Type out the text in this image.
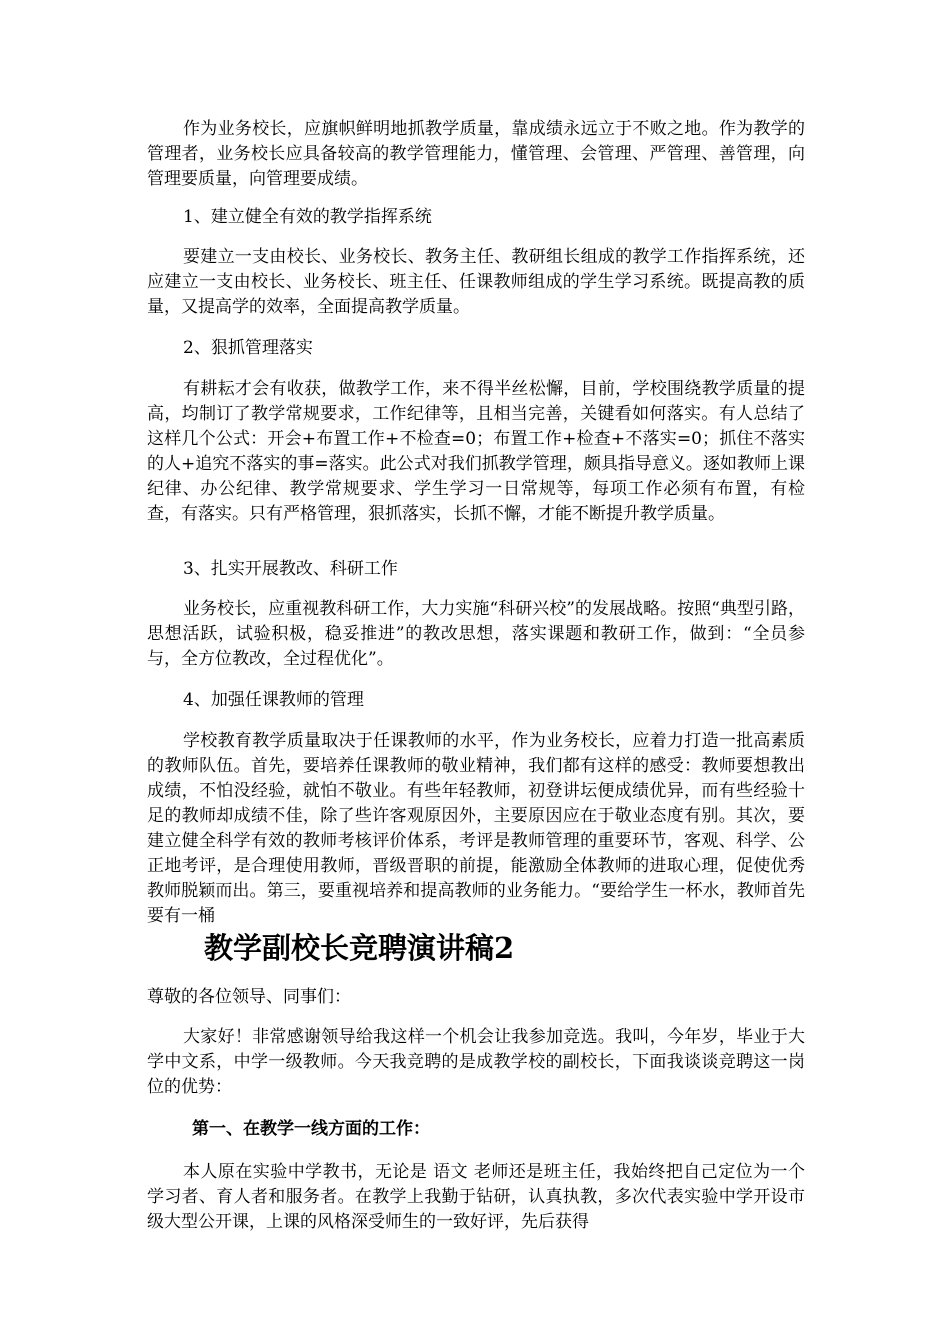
作为业务校长，应旗帜鲜明地抓教学质量，靠成绩永远立于不败之地。作为教学的管理者，业务校长应具备较高的教学管理能力，懂管理、会管理、严管理、善管理，向管理要质量，向管理要成绩。

1、建立健全有效的教学指挥系统

要建立一支由校长、业务校长、教务主任、教研组长组成的教学工作指挥系统，还应建立一支由校长、业务校长、班主任、任课教师组成的学生学习系统。既提高教的质量，又提高学的效率，全面提高教学质量。

2、狠抓管理落实

有耕耘才会有收获，做教学工作，来不得半丝松懈，目前，学校围绕教学质量的提高，均制订了教学常规要求，工作纪律等，且相当完善，关键看如何落实。有人总结了这样几个公式：开会+布置工作+不检查=0；布置工作+检查+不落实=0；抓住不落实的人+追究不落实的事=落实。此公式对我们抓教学管理，颇具指导意义。逐如教师上课纪律、办公纪律、教学常规要求、学生学习一日常规等，每项工作必须有布置，有检查，有落实。只有严格管理，狠抓落实，长抓不懈，才能不断提升教学质量。

3、扎实开展教改、科研工作

业务校长，应重视教科研工作，大力实施“科研兴校”的发展战略。按照“典型引路，思想活跃，试验积极，稳妥推进”的教改思想，落实课题和教研工作，做到：“全员参与，全方位教改，全过程优化”。

4、加强任课教师的管理

学校教育教学质量取决于任课教师的水平，作为业务校长，应着力打造一批高素质的教师队伍。首先，要培养任课教师的敬业精神，我们都有这样的感受：教师要想教出成绩，不怕没经验，就怕不敬业。有些年轻教师，初登讲坛便成绩优异，而有些经验十足的教师却成绩不佳，除了些许客观原因外，主要原因应在于敬业态度有别。其次，要建立健全科学有效的教师考核评价体系，考评是教师管理的重要环节，客观、科学、公正地考评，是合理使用教师，晋级晋职的前提，能激励全体教师的进取心理，促使优秀教师脱颖而出。第三，要重视培养和提高教师的业务能力。“要给学生一杯水，教师首先要有一桶

教学副校长竞聘演讲稿2

尊敬的各位领导、同事们：

大家好！非常感谢领导给我这样一个机会让我参加竞选。我叫，今年岁，毕业于大学中文系，中学一级教师。今天我竞聘的是成教学校的副校长，下面我谈谈竞聘这一岗位的优势：

第一、在教学一线方面的工作：

本人原在实验中学教书，无论是 语文 老师还是班主任，我始终把自己定位为一个学习者、育人者和服务者。在教学上我勤于钻研，认真执教，多次代表实验中学开设市级大型公开课，上课的风格深受师生的一致好评，先后获得
